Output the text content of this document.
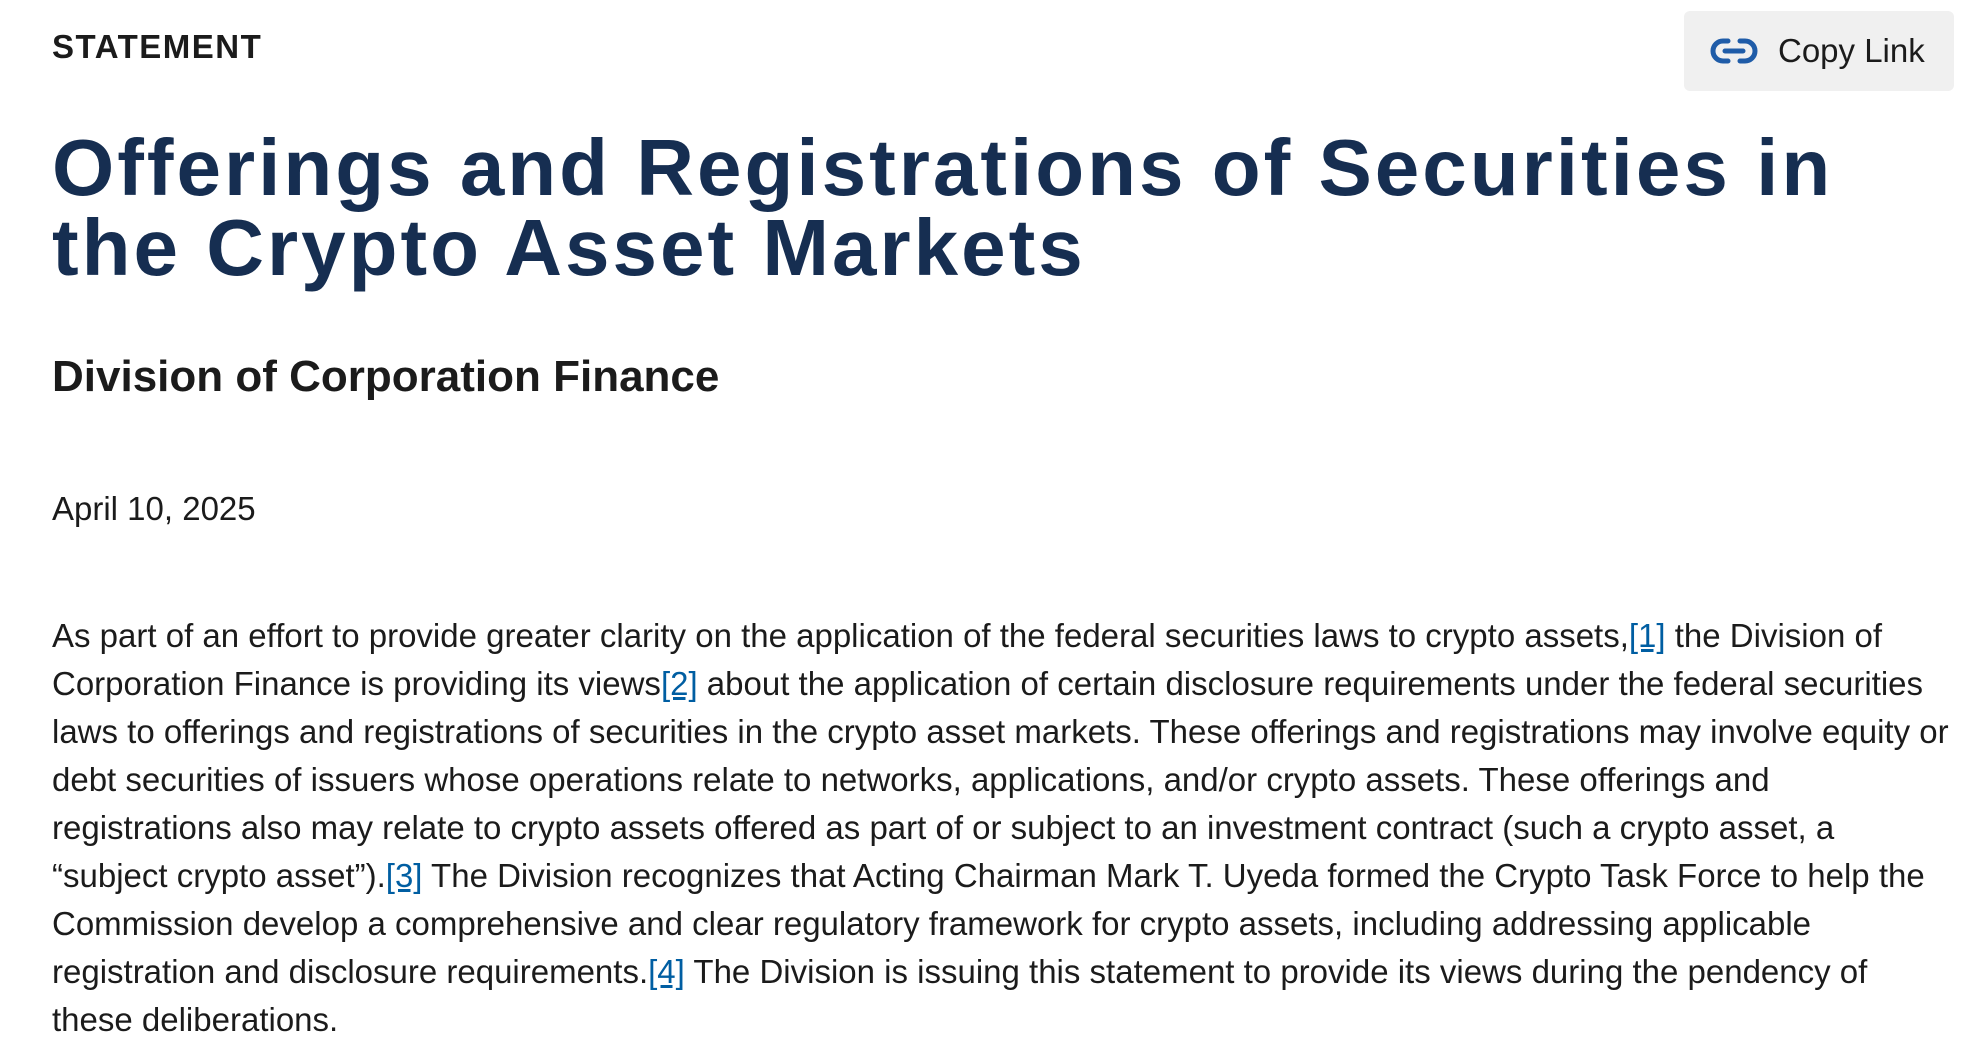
STATEMENT	Copy Link
Offerings and Registrations of Securities in the Crypto Asset Markets
Division of Corporation Finance
April 10, 2025

As part of an effort to provide greater clarity on the application of the federal securities laws to crypto assets,[1] the Division of Corporation Finance is providing its views[2] about the application of certain disclosure requirements under the federal securities laws to offerings and registrations of securities in the crypto asset markets. These offerings and registrations may involve equity or debt securities of issuers whose operations relate to networks, applications, and/or crypto assets. These offerings and registrations also may relate to crypto assets offered as part of or subject to an investment contract (such a crypto asset, a “subject crypto asset”).[3] The Division recognizes that Acting Chairman Mark T. Uyeda formed the Crypto Task Force to help the Commission develop a comprehensive and clear regulatory framework for crypto assets, including addressing applicable registration and disclosure requirements.[4] The Division is issuing this statement to provide its views during the pendency of these deliberations.
